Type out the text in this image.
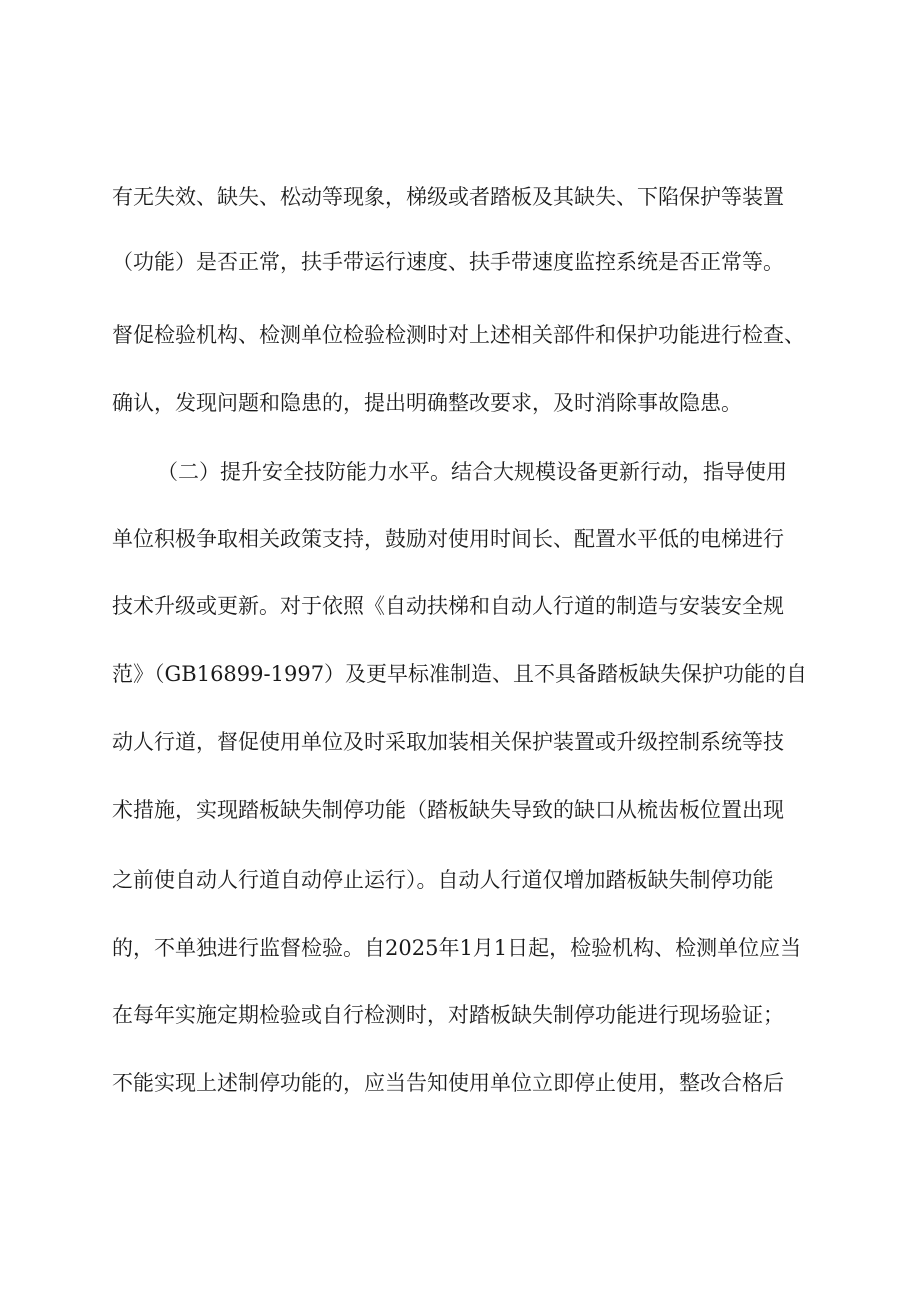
有无失效、缺失、松动等现象，梯级或者踏板及其缺失、下陷保护等装置
（功能）是否正常，扶手带运行速度、扶手带速度监控系统是否正常等。
督促检验机构、检测单位检验检测时对上述相关部件和保护功能进行检查、
确认，发现问题和隐患的，提出明确整改要求，及时消除事故隐患。
（二）提升安全技防能力水平。结合大规模设备更新行动，指导使用
单位积极争取相关政策支持，鼓励对使用时间长、配置水平低的电梯进行
技术升级或更新。对于依照《自动扶梯和自动人行道的制造与安装安全规
范》（GB16899-1997）及更早标准制造、且不具备踏板缺失保护功能的自
动人行道，督促使用单位及时采取加装相关保护装置或升级控制系统等技
术措施，实现踏板缺失制停功能（踏板缺失导致的缺口从梳齿板位置出现
之前使自动人行道自动停止运行）。自动人行道仅增加踏板缺失制停功能
的，不单独进行监督检验。自2025年1月1日起，检验机构、检测单位应当
在每年实施定期检验或自行检测时，对踏板缺失制停功能进行现场验证；
不能实现上述制停功能的，应当告知使用单位立即停止使用，整改合格后
